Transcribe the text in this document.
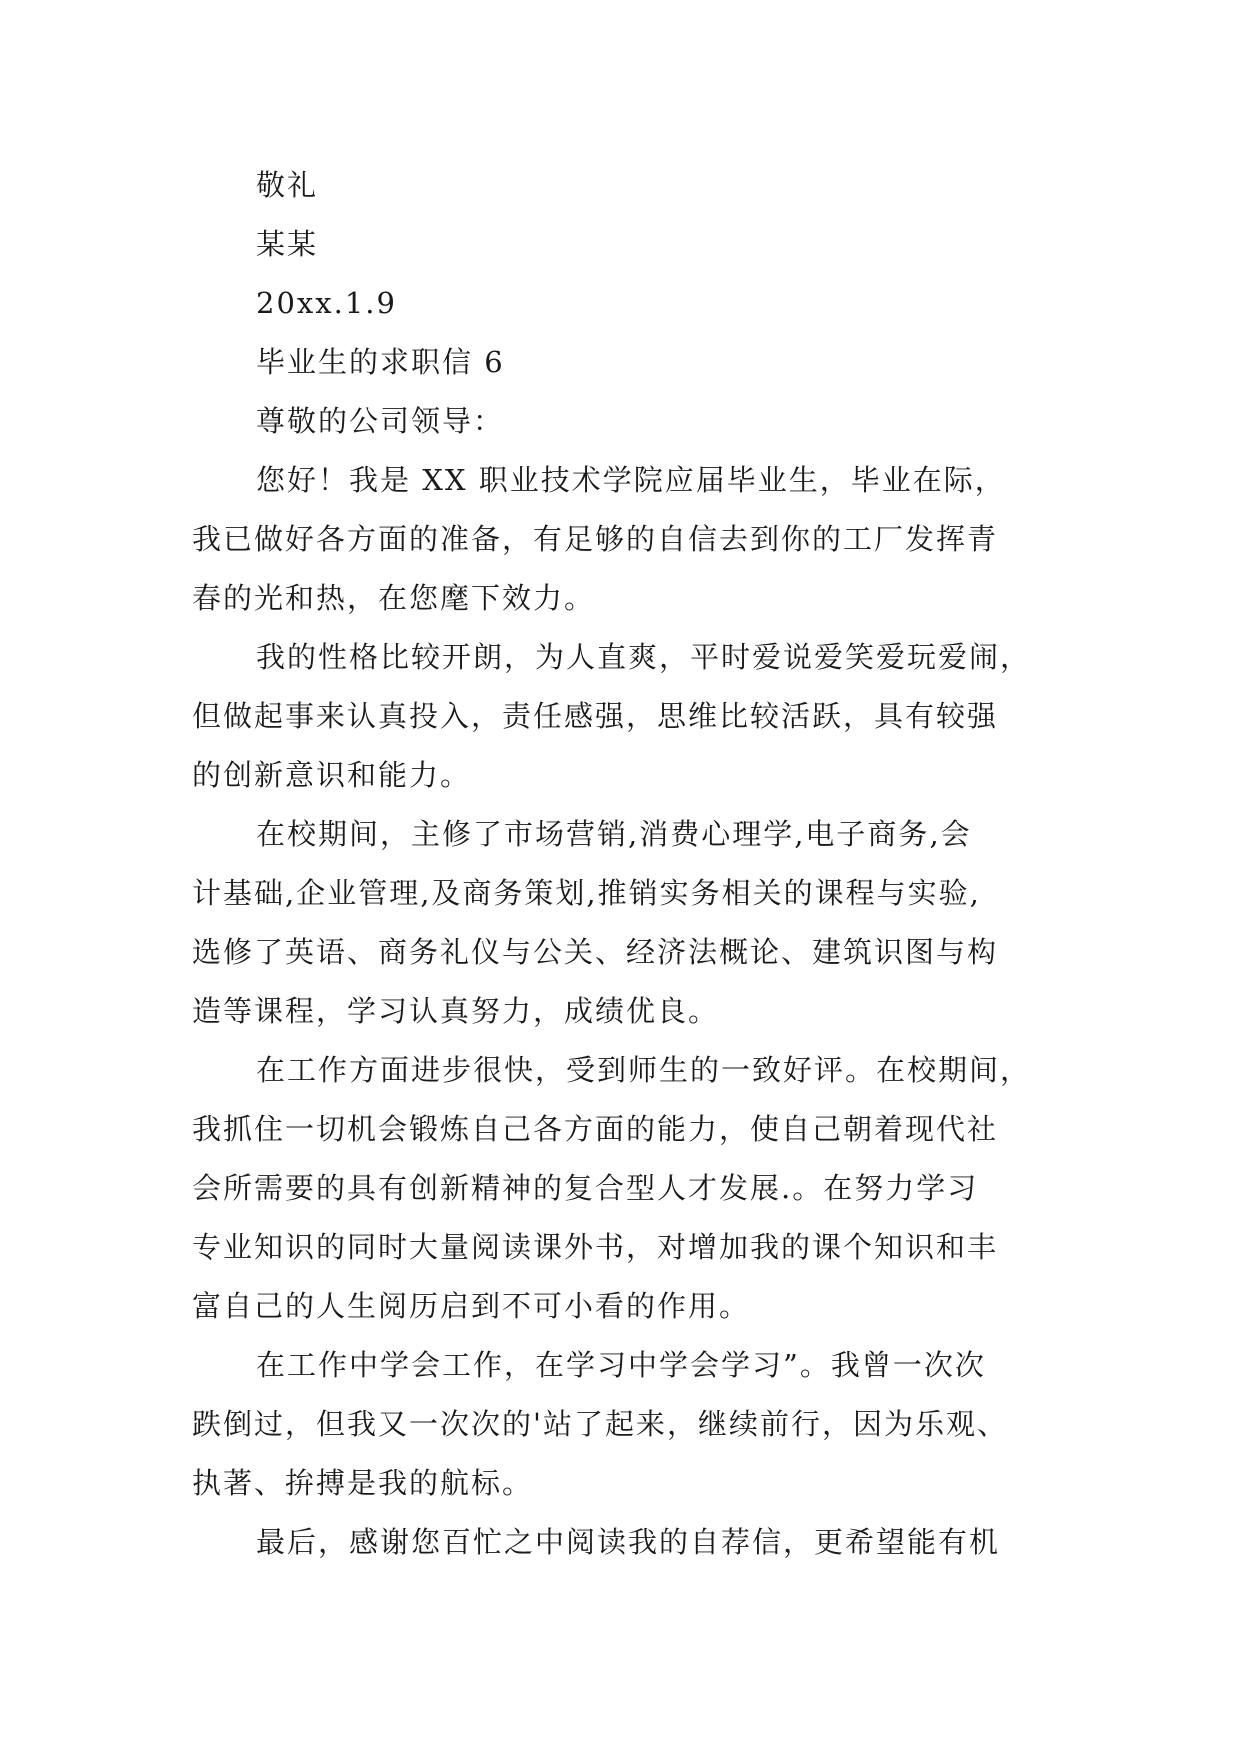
敬礼
某某
20xx.1.9
毕业生的求职信 6
尊敬的公司领导：
您好！我是 XX 职业技术学院应届毕业生，毕业在际，
我已做好各方面的准备，有足够的自信去到你的工厂发挥青
春的光和热，在您麾下效力。
我的性格比较开朗，为人直爽，平时爱说爱笑爱玩爱闹，
但做起事来认真投入，责任感强，思维比较活跃，具有较强
的创新意识和能力。
在校期间，主修了市场营销,消费心理学,电子商务,会
计基础,企业管理,及商务策划,推销实务相关的课程与实验,
选修了英语、商务礼仪与公关、经济法概论、建筑识图与构
造等课程，学习认真努力，成绩优良。
在工作方面进步很快，受到师生的一致好评。在校期间，
我抓住一切机会锻炼自己各方面的能力，使自己朝着现代社
会所需要的具有创新精神的复合型人才发展.。在努力学习
专业知识的同时大量阅读课外书，对增加我的课个知识和丰
富自己的人生阅历启到不可小看的作用。
在工作中学会工作，在学习中学会学习”。我曾一次次
跌倒过，但我又一次次的'站了起来，继续前行，因为乐观、
执著、拚搏是我的航标。
最后，感谢您百忙之中阅读我的自荐信，更希望能有机
